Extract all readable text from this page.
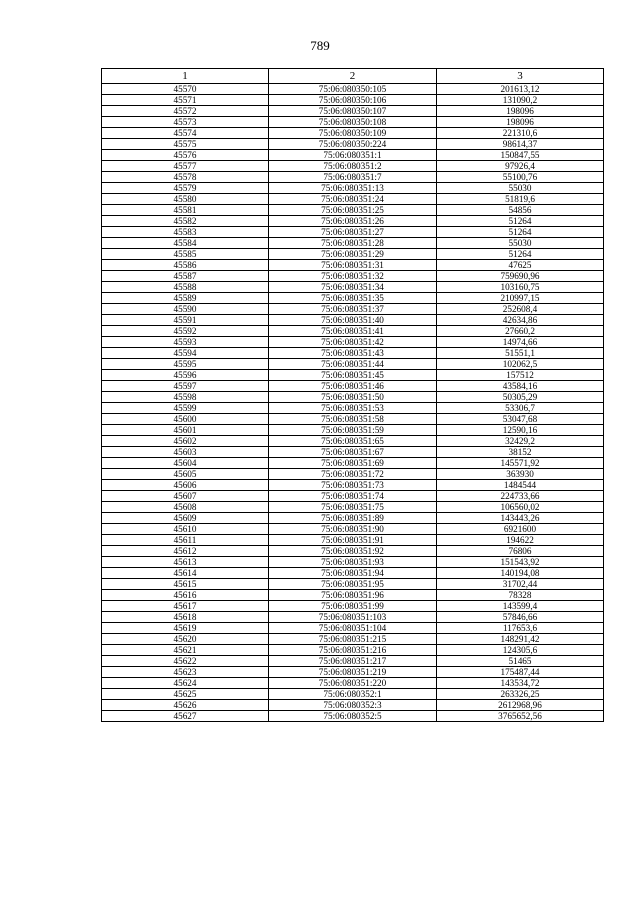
789
1	2	3
45570	75:06:080350:105	201613,12
45571	75:06:080350:106	131090,2
45572	75:06:080350:107	198096
45573	75:06:080350:108	198096
45574	75:06:080350:109	221310,6
45575	75:06:080350:224	98614,37
45576	75:06:080351:1	150847,55
45577	75:06:080351:2	97926,4
45578	75:06:080351:7	55100,76
45579	75:06:080351:13	55030
45580	75:06:080351:24	51819,6
45581	75:06:080351:25	54856
45582	75:06:080351:26	51264
45583	75:06:080351:27	51264
45584	75:06:080351:28	55030
45585	75:06:080351:29	51264
45586	75:06:080351:31	47625
45587	75:06:080351:32	759690,96
45588	75:06:080351:34	103160,75
45589	75:06:080351:35	210997,15
45590	75:06:080351:37	252608,4
45591	75:06:080351:40	42634,86
45592	75:06:080351:41	27660,2
45593	75:06:080351:42	14974,66
45594	75:06:080351:43	51551,1
45595	75:06:080351:44	102062,5
45596	75:06:080351:45	157512
45597	75:06:080351:46	43584,16
45598	75:06:080351:50	50305,29
45599	75:06:080351:53	53306,7
45600	75:06:080351:58	53047,68
45601	75:06:080351:59	12590,16
45602	75:06:080351:65	32429,2
45603	75:06:080351:67	38152
45604	75:06:080351:69	145571,92
45605	75:06:080351:72	363930
45606	75:06:080351:73	1484544
45607	75:06:080351:74	224733,66
45608	75:06:080351:75	106560,02
45609	75:06:080351:89	143443,26
45610	75:06:080351:90	6921600
45611	75:06:080351:91	194622
45612	75:06:080351:92	76806
45613	75:06:080351:93	151543,92
45614	75:06:080351:94	140194,08
45615	75:06:080351:95	31702,44
45616	75:06:080351:96	78328
45617	75:06:080351:99	143599,4
45618	75:06:080351:103	57846,66
45619	75:06:080351:104	117653,6
45620	75:06:080351:215	148291,42
45621	75:06:080351:216	124305,6
45622	75:06:080351:217	51465
45623	75:06:080351:219	175487,44
45624	75:06:080351:220	143534,72
45625	75:06:080352:1	263326,25
45626	75:06:080352:3	2612968,96
45627	75:06:080352:5	3765652,56
